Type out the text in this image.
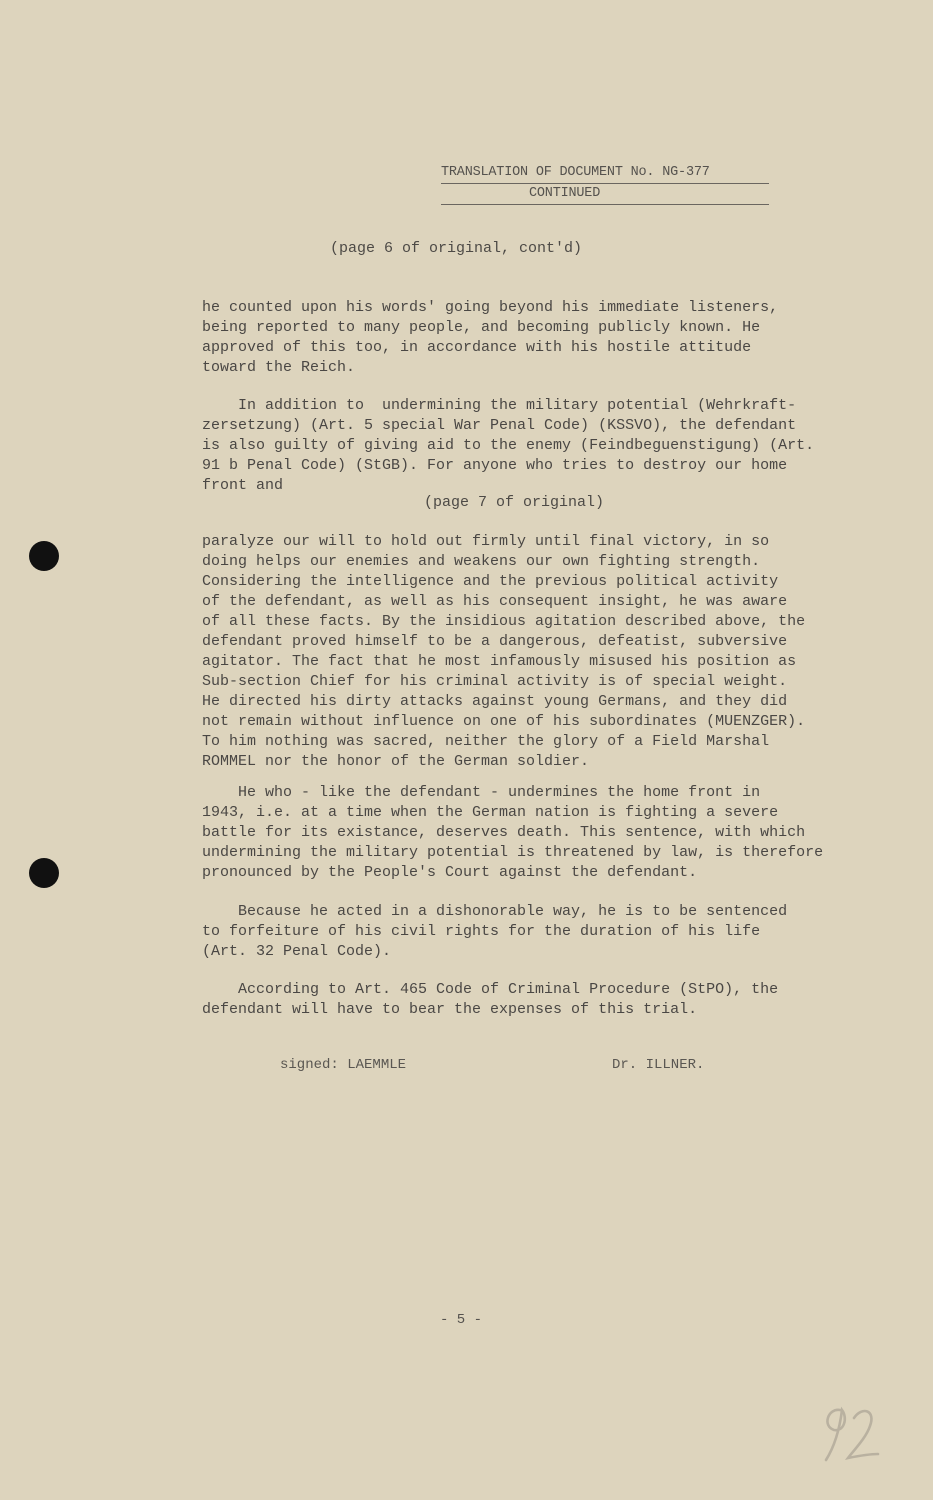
TRANSLATION OF DOCUMENT No. NG-377
CONTINUED
(page 6 of original, cont'd)
he counted upon his words' going beyond his immediate listeners,
being reported to many people, and becoming publicly known. He
approved of this too, in accordance with his hostile attitude
toward the Reich.
In addition to  undermining the military potential (Wehrkraft-
zersetzung) (Art. 5 special War Penal Code) (KSSVO), the defendant
is also guilty of giving aid to the enemy (Feindbeguenstigung) (Art.
91 b Penal Code) (StGB). For anyone who tries to destroy our home
front and
(page 7 of original)
paralyze our will to hold out firmly until final victory, in so
doing helps our enemies and weakens our own fighting strength.
Considering the intelligence and the previous political activity
of the defendant, as well as his consequent insight, he was aware
of all these facts. By the insidious agitation described above, the
defendant proved himself to be a dangerous, defeatist, subversive
agitator. The fact that he most infamously misused his position as
Sub-section Chief for his criminal activity is of special weight.
He directed his dirty attacks against young Germans, and they did
not remain without influence on one of his subordinates (MUENZGER).
To him nothing was sacred, neither the glory of a Field Marshal
ROMMEL nor the honor of the German soldier.
He who - like the defendant - undermines the home front in
1943, i.e. at a time when the German nation is fighting a severe
battle for its existance, deserves death. This sentence, with which
undermining the military potential is threatened by law, is therefore
pronounced by the People's Court against the defendant.
Because he acted in a dishonorable way, he is to be sentenced
to forfeiture of his civil rights for the duration of his life
(Art. 32 Penal Code).
According to Art. 465 Code of Criminal Procedure (StPO), the
defendant will have to bear the expenses of this trial.
signed: LAEMMLE	Dr. ILLNER.
- 5 -
